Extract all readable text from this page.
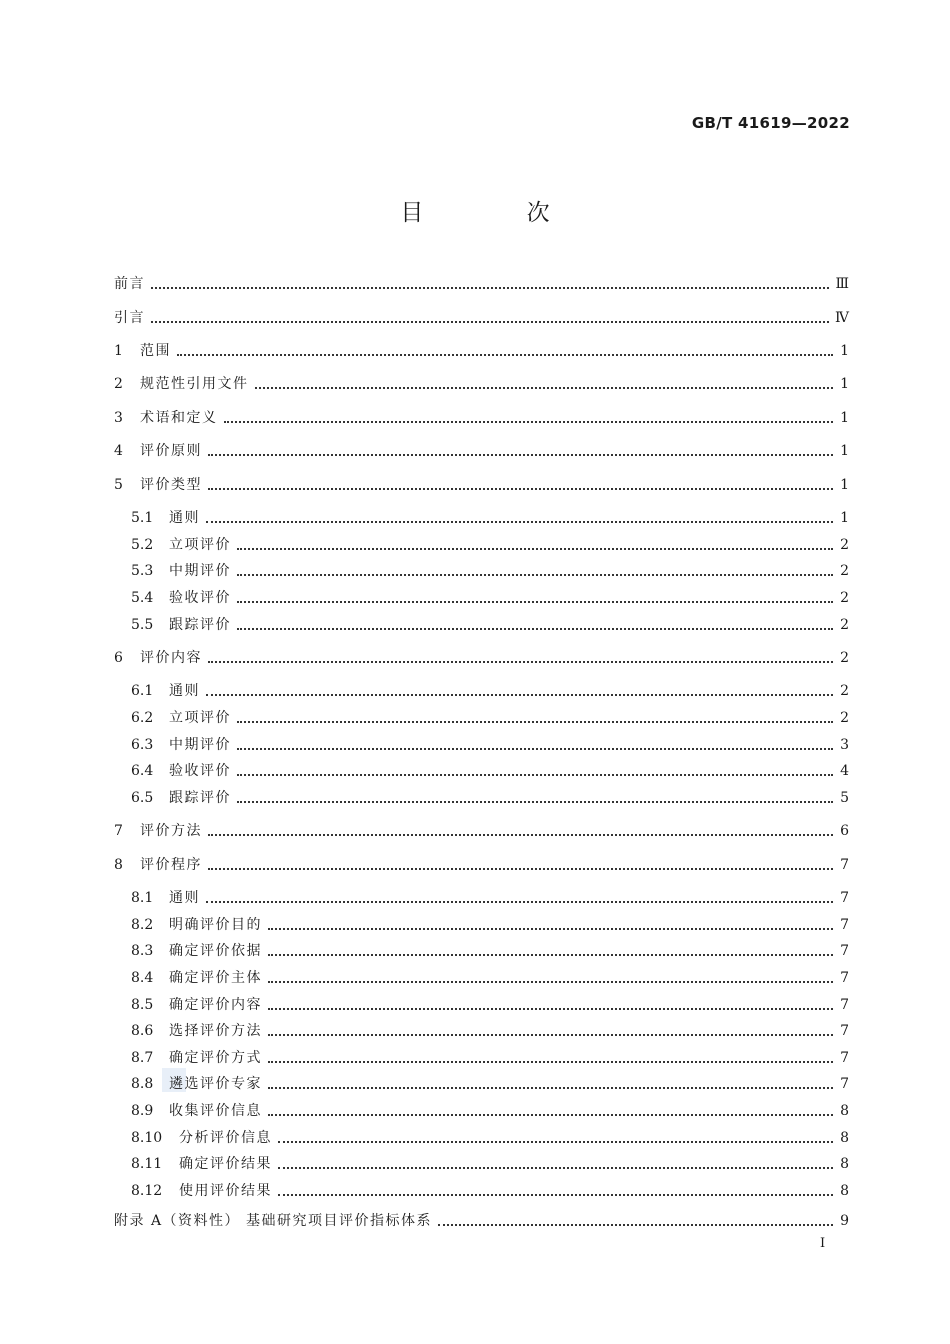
GB/T 41619—2022
目 次
前言	Ⅲ
引言	Ⅳ
1	范围	1
2	规范性引用文件	1
3	术语和定义	1
4	评价原则	1
5	评价类型	1
5.1	通则	1
5.2	立项评价	2
5.3	中期评价	2
5.4	验收评价	2
5.5	跟踪评价	2
6	评价内容	2
6.1	通则	2
6.2	立项评价	2
6.3	中期评价	3
6.4	验收评价	4
6.5	跟踪评价	5
7	评价方法	6
8	评价程序	7
8.1	通则	7
8.2	明确评价目的	7
8.3	确定评价依据	7
8.4	确定评价主体	7
8.5	确定评价内容	7
8.6	选择评价方法	7
8.7	确定评价方式	7
8.8	遴选评价专家	7
8.9	收集评价信息	8
8.10	分析评价信息	8
8.11	确定评价结果	8
8.12	使用评价结果	8
附录 A（资料性） 基础研究项目评价指标体系	9
Ⅰ
